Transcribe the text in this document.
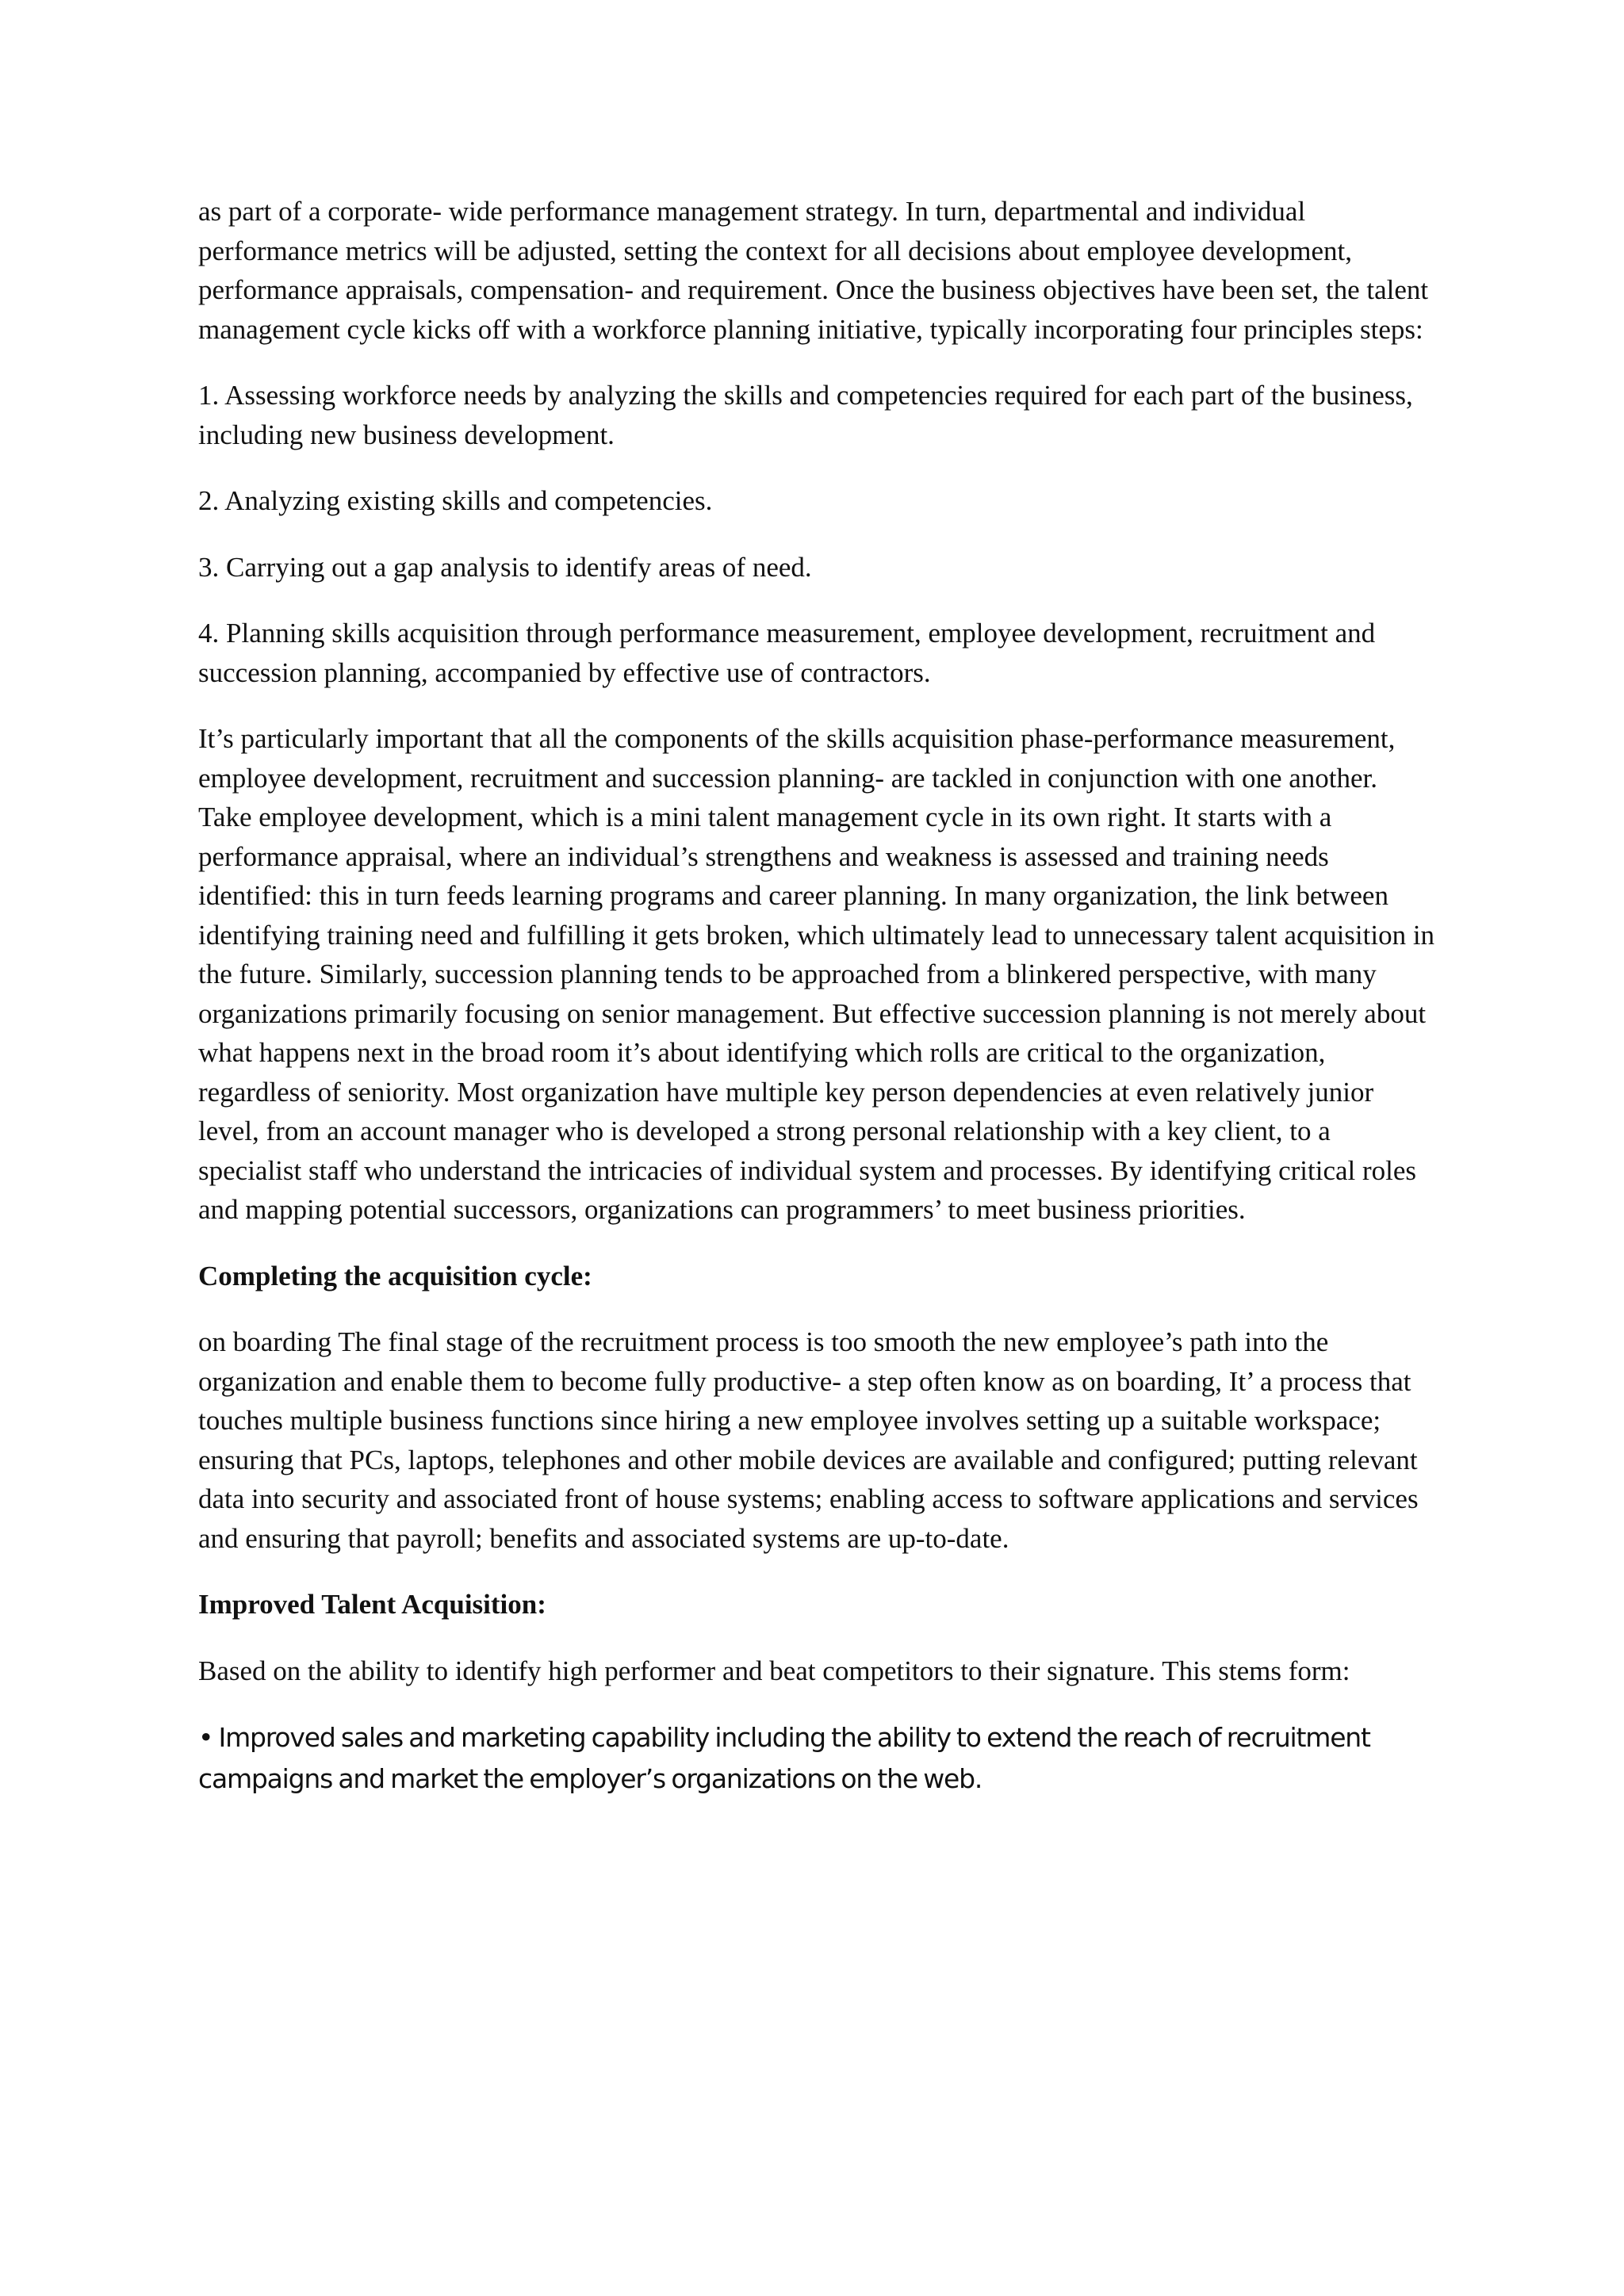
as part of a corporate- wide performance management strategy. In turn, departmental and individual performance metrics will be adjusted, setting the context for all decisions about employee development, performance appraisals, compensation- and requirement. Once the business objectives have been set, the talent management cycle kicks off with a workforce planning initiative, typically incorporating four principles steps:

1. Assessing workforce needs by analyzing the skills and competencies required for each part of the business, including new business development.

2. Analyzing existing skills and competencies.

3. Carrying out a gap analysis to identify areas of need.

4. Planning skills acquisition through performance measurement, employee development, recruitment and succession planning, accompanied by effective use of contractors.

It’s particularly important that all the components of the skills acquisition phase-performance measurement, employee development, recruitment and succession planning- are tackled in conjunction with one another. Take employee development, which is a mini talent management cycle in its own right. It starts with a performance appraisal, where an individual’s strengthens and weakness is assessed and training needs identified: this in turn feeds learning programs and career planning. In many organization, the link between identifying training need and fulfilling it gets broken, which ultimately lead to unnecessary talent acquisition in the future. Similarly, succession planning tends to be approached from a blinkered perspective, with many organizations primarily focusing on senior management. But effective succession planning is not merely about what happens next in the broad room it’s about identifying which rolls are critical to the organization, regardless of seniority. Most organization have multiple key person dependencies at even relatively junior level, from an account manager who is developed a strong personal relationship with a key client, to a specialist staff who understand the intricacies of individual system and processes. By identifying critical roles and mapping potential successors, organizations can programmers’ to meet business priorities.

Completing the acquisition cycle:

on boarding The final stage of the recruitment process is too smooth the new employee’s path into the organization and enable them to become fully productive- a step often know as on boarding, It’ a process that touches multiple business functions since hiring a new employee involves setting up a suitable workspace; ensuring that PCs, laptops, telephones and other mobile devices are available and configured; putting relevant data into security and associated front of house systems; enabling access to software applications and services and ensuring that payroll; benefits and associated systems are up-to-date.

Improved Talent Acquisition:

Based on the ability to identify high performer and beat competitors to their signature. This stems form:

• Improved sales and marketing capability including the ability to extend the reach of recruitment campaigns and market the employer’s organizations on the web.
